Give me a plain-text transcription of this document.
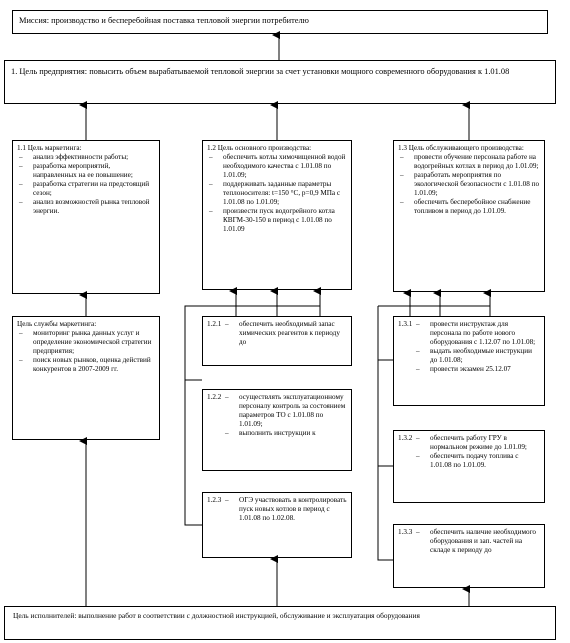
Миссия: производство и бесперебойная поставка тепловой энергии потребителю
1. Цель предприятия: повысить объем вырабатываемой тепловой энергии за счет установки мощного современного оборудования к 1.01.08
1.1 Цель маркетинга:
– анализ эффективности работы;
– разработка мероприятий, направленных на ее повышение;
– разработка стратегии на предстоящий сезон;
– анализ возможностей рынка тепловой энергии.
1.2 Цель основного производства:
– обеспечить котлы химочищенной водой необходимого качества с 1.01.08 по 1.01.09;
– поддерживать заданные параметры теплоносителя: t=150 °С, p=0,9 МПа с 1.01.08 по 1.01.09;
– произвести пуск водогрейного котла КВГМ-30-150 в период с 1.01.08 по 1.01.09
1.3 Цель обслуживающего производства:
– провести обучение персонала работе на водогрейных котлах в период до 1.01.09;
– разработать мероприятия по экологической безопасности с 1.01.08 по 1.01.09;
– обеспечить бесперебойное снабжение топливом в период до 1.01.09.
Цель службы маркетинга:
– мониторинг рынка данных услуг и определение экономической стратегии предприятия;
– поиск новых рынков, оценка действий конкурентов в 2007-2009 гг.
1.2.1 – обеспечить необходимый запас химических реагентов к периоду до
1.2.2 – осуществлять эксплуатационному персоналу контроль за состоянием параметров ТО с 1.01.08 по 1.01.09;
– выполнить инструкции к
1.2.3 – ОГЭ участвовать в контролировать пуск новых котлов в период с 1.01.08 по 1.02.08.
1.3.1 – провести инструктаж для персонала по работе нового оборудования с 1.12.07 по 1.01.08;
– выдать необходимые инструкции до 1.01.08;
– провести экзамен 25.12.07
1.3.2 – обеспечить работу ГРУ в нормальном режиме до 1.01.09;
– обеспечить подачу топлива с 1.01.08 по 1.01.09.
1.3.3 – обеспечить наличие необходимого оборудования и зап. частей на складе к периоду до
Цель исполнителей: выполнение работ в соответствии с должностной инструкцией, обслуживание и эксплуатация оборудования
